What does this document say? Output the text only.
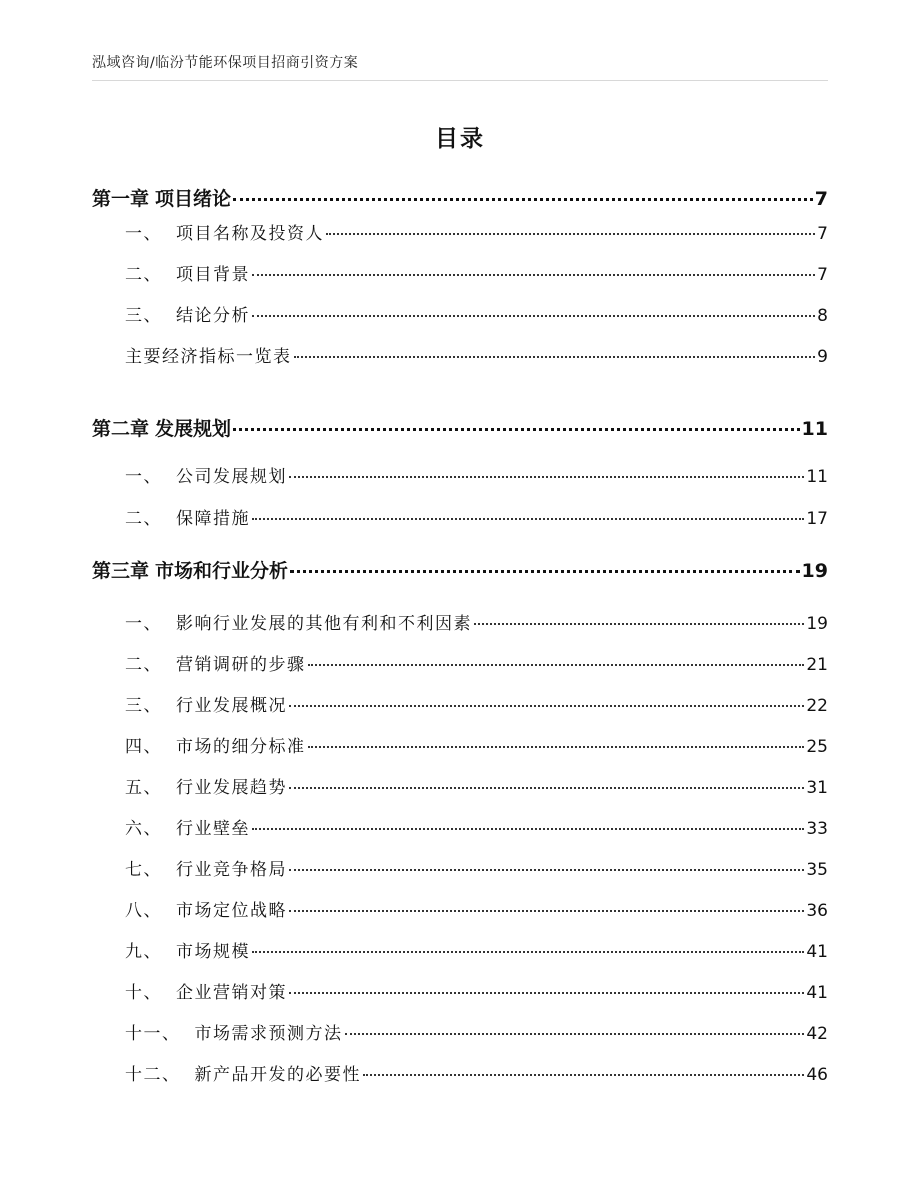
泓域咨询/临汾节能环保项目招商引资方案
目录
第一章 项目绪论	7
一、 项目名称及投资人	7
二、 项目背景	7
三、 结论分析	8
主要经济指标一览表	9
第二章 发展规划	11
一、 公司发展规划	11
二、 保障措施	17
第三章 市场和行业分析	19
一、 影响行业发展的其他有利和不利因素	19
二、 营销调研的步骤	21
三、 行业发展概况	22
四、 市场的细分标准	25
五、 行业发展趋势	31
六、 行业壁垒	33
七、 行业竞争格局	35
八、 市场定位战略	36
九、 市场规模	41
十、 企业营销对策	41
十一、 市场需求预测方法	42
十二、 新产品开发的必要性	46
